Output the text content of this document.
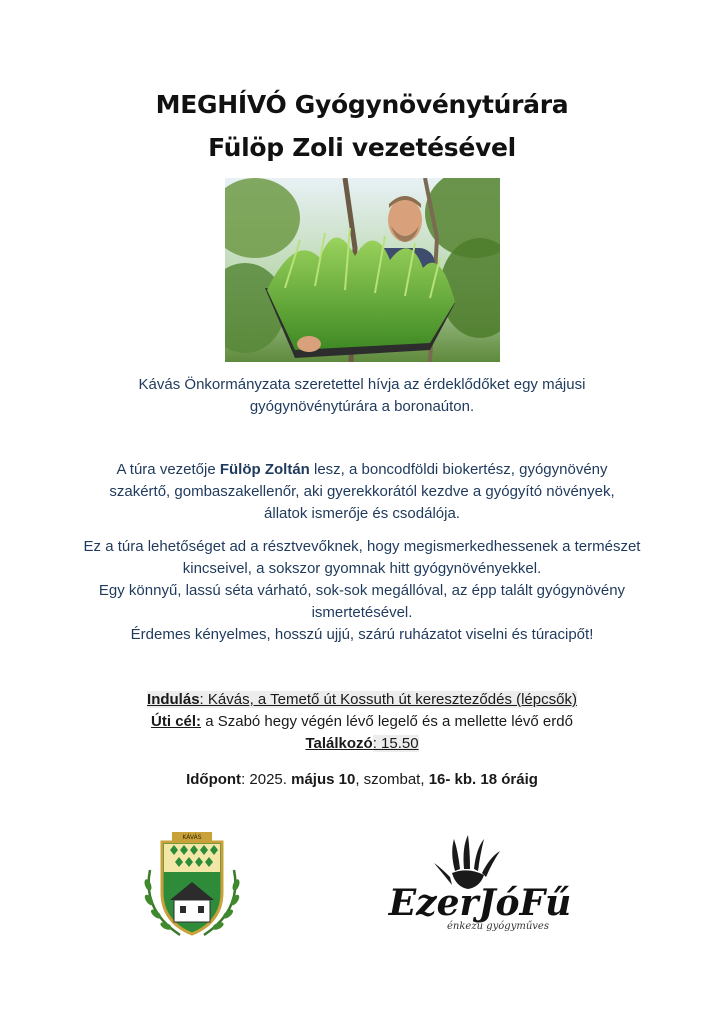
MEGHÍVÓ Gyógynövénytúrára
Fülöp Zoli vezetésével
Kávás Önkormányzata szeretettel hívja az érdeklődőket egy májusi
gyógynövénytúrára a boronaúton.
A túra vezetője Fülöp Zoltán lesz, a boncodföldi biokertész, gyógynövény
szakértő, gombaszakellenőr, aki gyerekkorától kezdve a gyógyító növények,
állatok ismerője és csodálója.
Ez a túra lehetőséget ad a résztvevőknek, hogy megismerkedhessenek a természet
kincseivel, a sokszor gyomnak hitt gyógynövényekkel.
Egy könnyű, lassú séta várható, sok-sok megállóval, az épp talált gyógynövény
ismertetésével.
Érdemes kényelmes, hosszú ujjú, szárú ruházatot viselni és túracipőt!
Indulás: Kávás, a Temető út Kossuth út kereszteződés (lépcsők)
Úti cél: a Szabó hegy végén lévő legelő és a mellette lévő erdő
Találkozó: 15.50
Időpont: 2025. május 10, szombat, 16- kb. 18 óráig
KÁVÁS
EzerJóFű
énkezű gyógyműves
